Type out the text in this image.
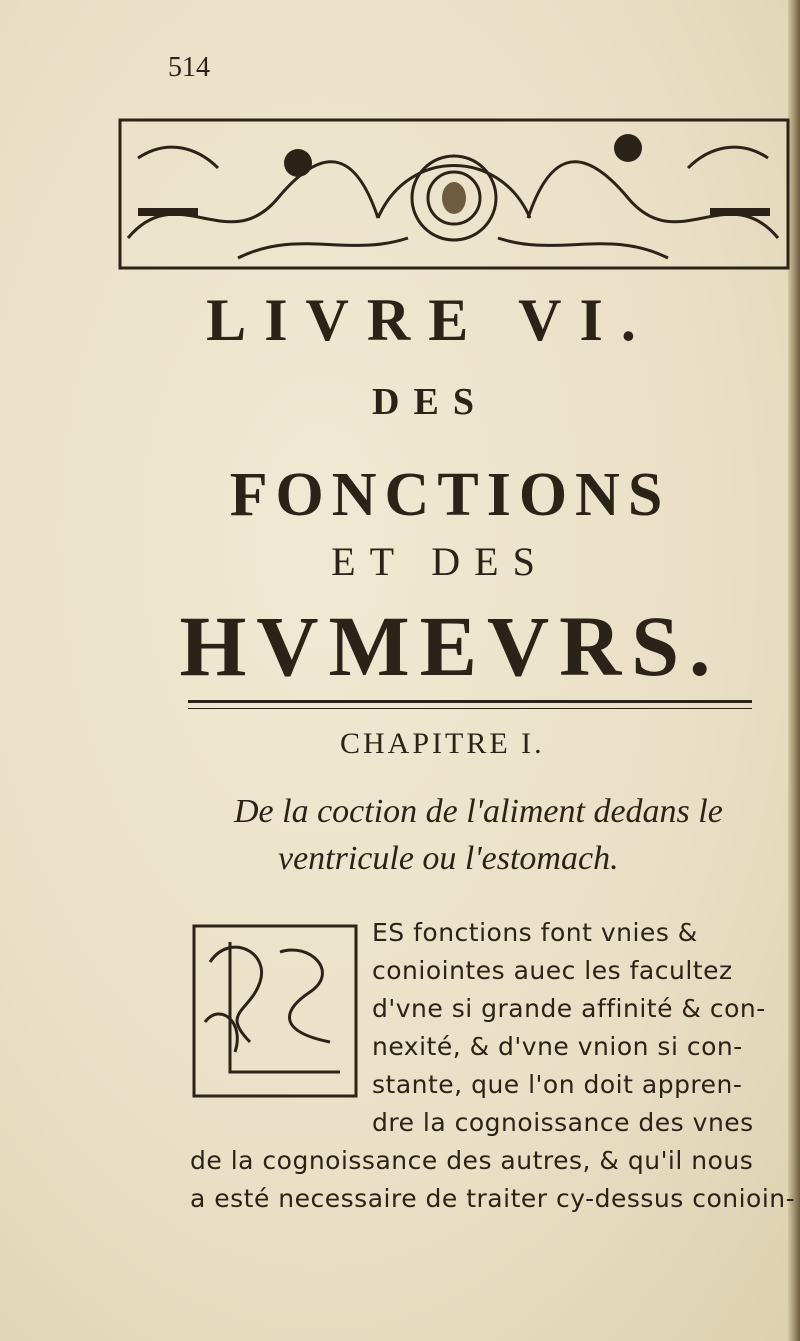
514
LIVRE VI.
DES
FONCTIONS
ET DES
HVMEVRS.
CHAPITRE I.
De la coction de l'aliment dedans le
ventricule ou l'estomach.
ES fonctions font vnies &
coniointes auec les facultez
d'vne si grande affinité & con-
nexité, & d'vne vnion si con-
stante, que l'on doit appren-
dre la cognoissance des vnes
de la cognoissance des autres, & qu'il nous
a esté necessaire de traiter cy-dessus conioin-
